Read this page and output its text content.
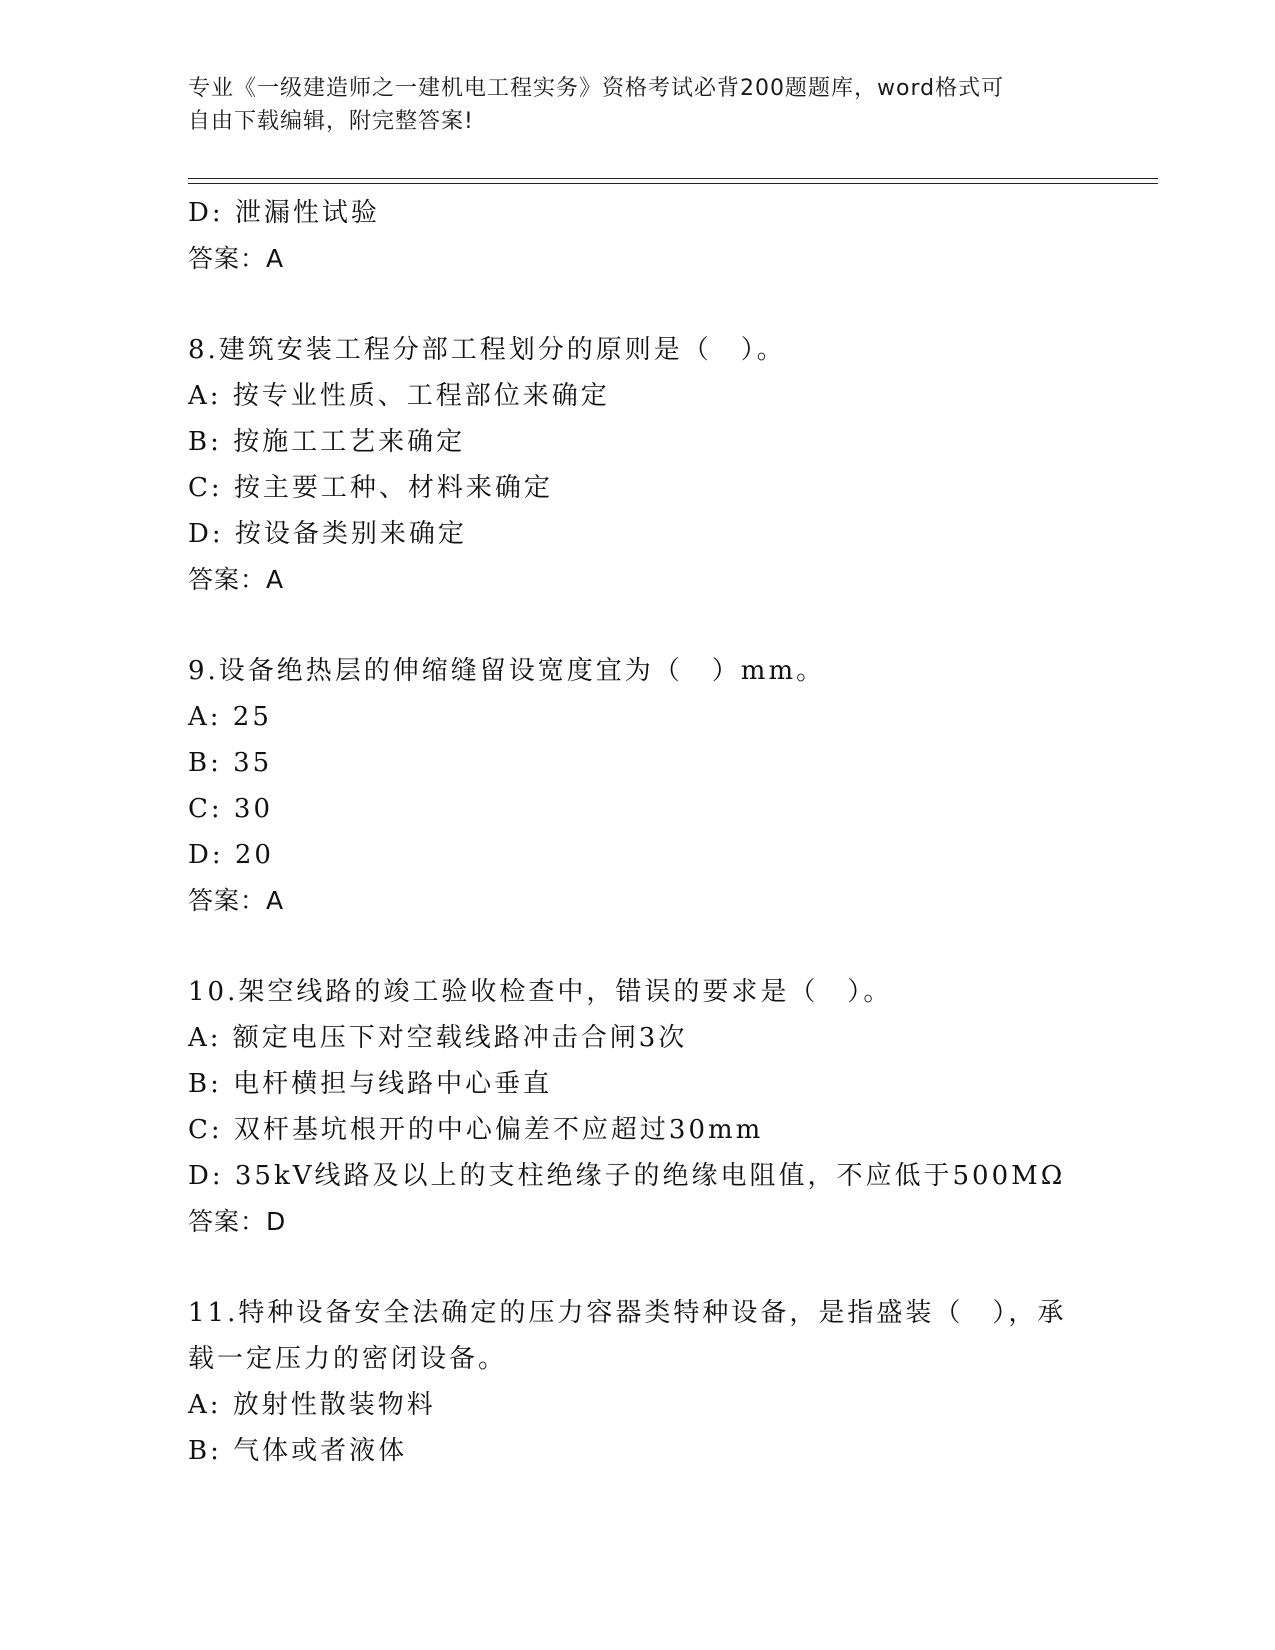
专业《一级建造师之一建机电工程实务》资格考试必背200题题库，word格式可
自由下载编辑，附完整答案!
D: 泄漏性试验
答案：A
8.建筑安装工程分部工程划分的原则是（　）。
A: 按专业性质、工程部位来确定
B: 按施工工艺来确定
C: 按主要工种、材料来确定
D: 按设备类别来确定
答案：A
9.设备绝热层的伸缩缝留设宽度宜为（　）mm。
A: 25
B: 35
C: 30
D: 20
答案：A
10.架空线路的竣工验收检查中，错误的要求是（　）。
A: 额定电压下对空载线路冲击合闸3次
B: 电杆横担与线路中心垂直
C: 双杆基坑根开的中心偏差不应超过30mm
D: 35kV线路及以上的支柱绝缘子的绝缘电阻值，不应低于500MΩ
答案：D
11.特种设备安全法确定的压力容器类特种设备，是指盛装（　），承
载一定压力的密闭设备。
A: 放射性散装物料
B: 气体或者液体
